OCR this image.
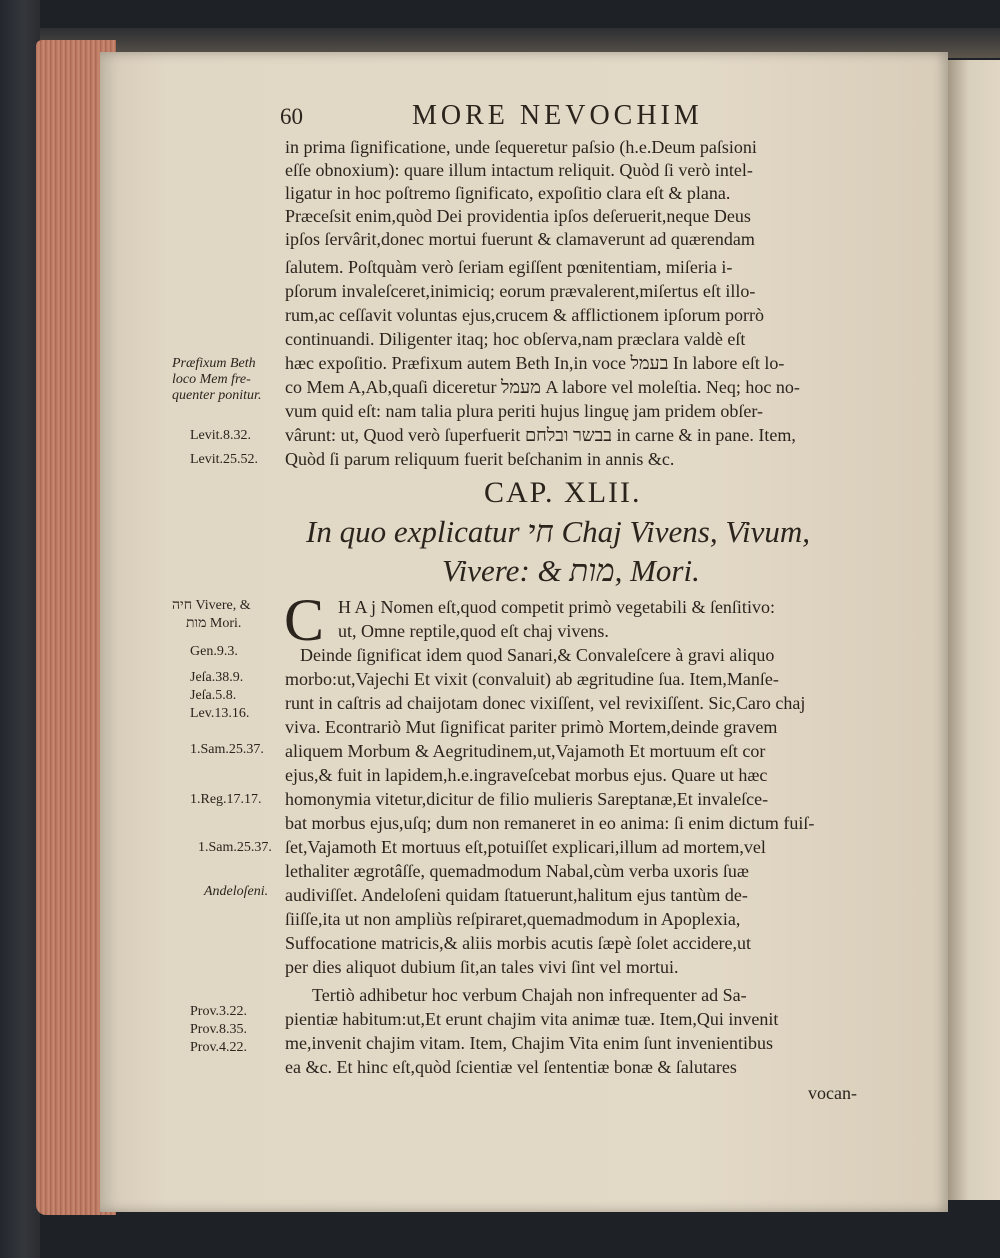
60	MORE NEVOCHIM
in prima ſignificatione, unde ſequeretur paſsio (h.e.Deum paſsioni
eſſe obnoxium): quare illum intactum reliquit. Quòd ſi verò intel-
ligatur in hoc poſtremo ſignificato, expoſitio clara eſt & plana.
Præceſsit enim,quòd Dei providentia ipſos deſeruerit,neque Deus
ipſos ſervârit,donec mortui fuerunt & clamaverunt ad quærendam
ſalutem. Poſtquàm verò ſeriam egiſſent pœnitentiam, miſeria i-
pſorum invaleſceret,inimiciq; eorum prævalerent,miſertus eſt illo-
rum,ac ceſſavit voluntas ejus,crucem & afflictionem ipſorum porrò
continuandi. Diligenter itaq; hoc obſerva,nam præclara valdè eſt
hæc expoſitio. Præfixum autem Beth In,in voce בעמל In labore eſt lo-
co Mem A,Ab,quaſi diceretur מעמל A labore vel moleſtia. Neq; hoc no-
vum quid eſt: nam talia plura periti hujus linguę jam pridem obſer-
vârunt: ut, Quod verò ſuperfuerit בבשר ובלחם in carne & in pane. Item,
Quòd ſi parum reliquum fuerit beſchanim in annis &c.
CAP. XLII.
In quo explicatur חי Chaj Vivens, Vivum,
Vivere: & מות, Mori.
C H A j Nomen eſt,quod competit primò vegetabili & ſenſitivo:
ut, Omne reptile,quod eſt chaj vivens.
Deinde ſignificat idem quod Sanari,& Convaleſcere à gravi aliquo
morbo:ut,Vajechi Et vixit (convaluit) ab ægritudine ſua. Item,Manſe-
runt in caſtris ad chaijotam donec vixiſſent, vel revixiſſent. Sic,Caro chaj
viva. Econtrariò Mut ſignificat pariter primò Mortem,deinde gravem
aliquem Morbum & Aegritudinem,ut,Vajamoth Et mortuum eſt cor
ejus,& fuit in lapidem,h.e.ingraveſcebat morbus ejus. Quare ut hæc
homonymia vitetur,dicitur de filio mulieris Sareptanæ,Et invaleſce-
bat morbus ejus,uſq; dum non remaneret in eo anima: ſi enim dictum fuiſ-
ſet,Vajamoth Et mortuus eſt,potuiſſet explicari,illum ad mortem,vel
lethaliter ægrotâſſe, quemadmodum Nabal,cùm verba uxoris ſuæ
audiviſſet. Andeloſeni quidam ſtatuerunt,halitum ejus tantùm de-
ſiiſſe,ita ut non ampliùs reſpiraret,quemadmodum in Apoplexia,
Suffocatione matricis,& aliis morbis acutis ſæpè ſolet accidere,ut
per dies aliquot dubium ſit,an tales vivi ſint vel mortui.
Tertiò adhibetur hoc verbum Chajah non infrequenter ad Sa-
pientiæ habitum:ut,Et erunt chajim vita animæ tuæ. Item,Qui invenit
me,invenit chajim vitam. Item, Chajim Vita enim ſunt invenientibus
ea &c. Et hinc eſt,quòd ſcientiæ vel ſententiæ bonæ & ſalutares
vocan-
Præfixum Beth
loco Mem fre-
quenter ponitur.
Levit.8.32.
Levit.25.52.
חיה Vivere, &
מות Mori.
Gen.9.3.
Jeſa.38.9.
Jeſa.5.8.
Lev.13.16.
1.Sam.25.37.
1.Reg.17.17.
1.Sam.25.37.
Andeloſeni.
Prov.3.22.
Prov.8.35.
Prov.4.22.
